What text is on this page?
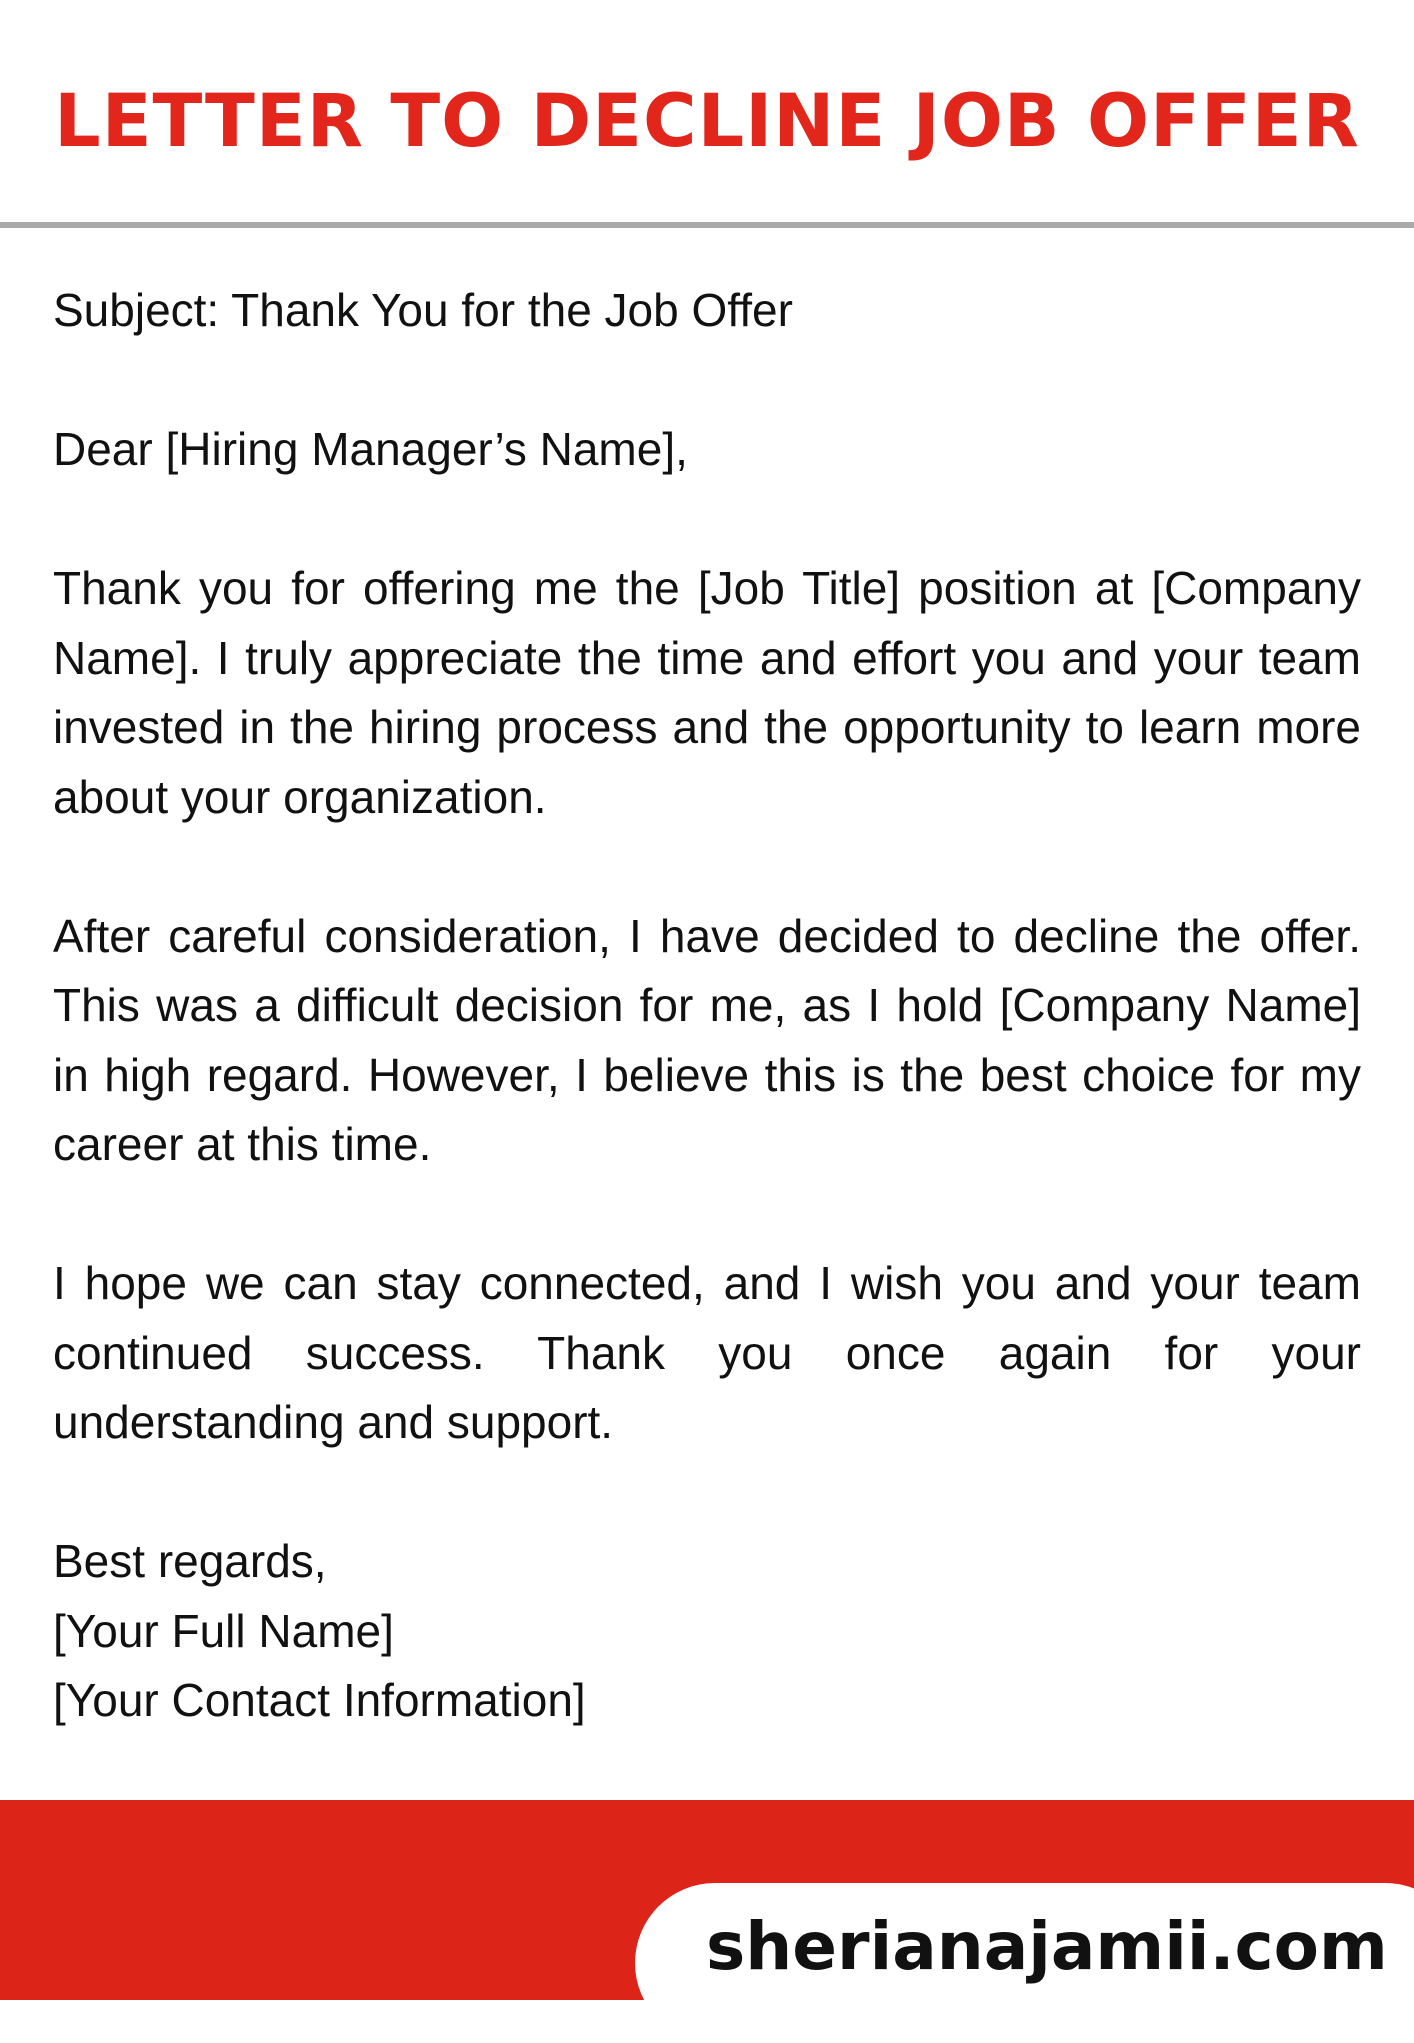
LETTER TO DECLINE JOB OFFER

Subject: Thank You for the Job Offer

Dear [Hiring Manager’s Name],

Thank you for offering me the [Job Title] position at [Company Name]. I truly appreciate the time and effort you and your team invested in the hiring process and the opportunity to learn more about your organization.

After careful consideration, I have decided to decline the offer. This was a difficult decision for me, as I hold [Company Name] in high regard. However, I believe this is the best choice for my career at this time.

I hope we can stay connected, and I wish you and your team continued success. Thank you once again for your understanding and support.

Best regards,
[Your Full Name]
[Your Contact Information]
sherianajamii.com
